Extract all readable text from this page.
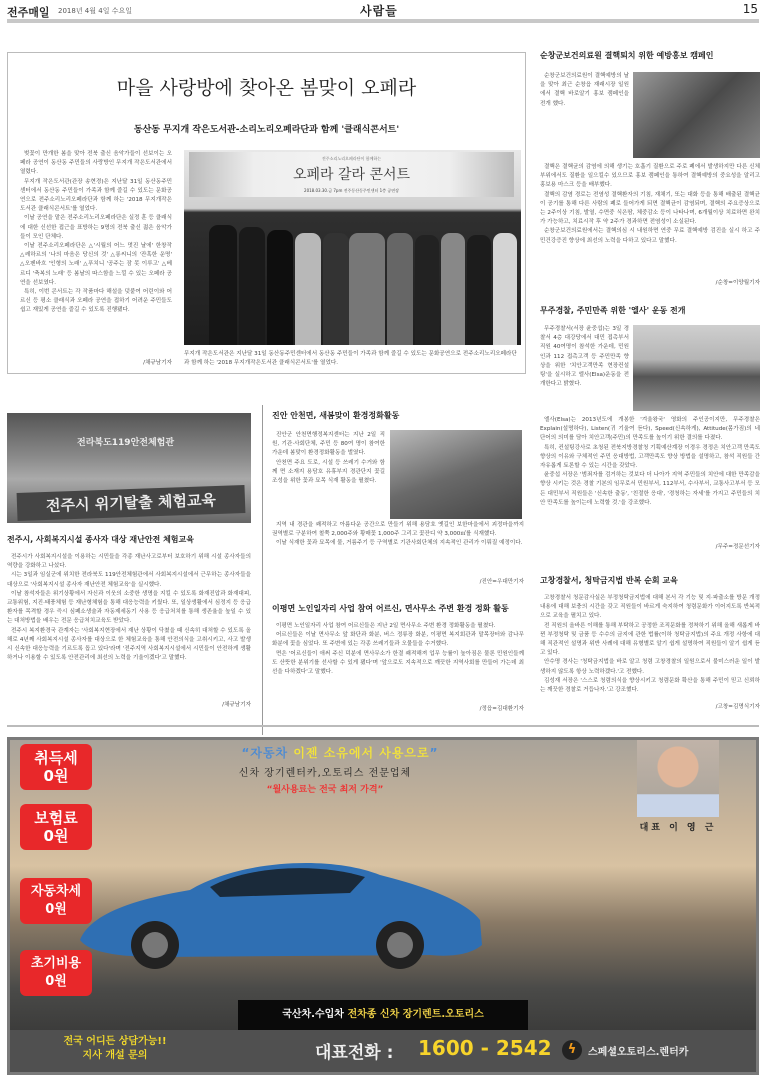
전주매일 2018년 4월 4일 수요일	사람들	15
마을 사랑방에 찾아온 봄맞이 오페라
동산동 무지개 작은도서관-소리노리오페라단과 함께 '클래식콘서트'

벚꽃이 만개한 봄을 맞아 전북 출신 음악가들이 선보이는 오페라 공연이 동산동 주민들의 사랑방인 무지개 작은도서관에서 열렸다.

무지개 작은도서관(관장 송현경)은 지난달 31일 동산동주민센터에서 동산동 주민들이 가족과 함께 즐길 수 있도는 문화공연으로 전주소리노리오페라단과 함께 하는 '2018 무지개작은도서관 클래식콘서트'를 열었다.

이날 공연을 맡은 전주소리노리오페라단은 실정 훈 등 클래식에 대한 신선한 접근을 표방하는 9명의 전북 출신 젊은 음악가들이 모인 단체다.

이날 전주소리오페라단은 △'시월의 어느 멋진 날에' 한창작 △레하르의 '나의 마음은 당신의 것' △롱씨니의 '잔혹한 운명' △오펜바흐 '인형의 노래' △푸치니 '공주는 잠 못 이루고' △베르디 '축복의 노래' 등 봄날의 따스함을 느낄 수 있는 오페라 공연을 선보였다.

특히, 이번 콘서트는 각 작품마다 해설을 덧붙여 어린이와 어르신 등 평소 클래식과 오페라 공연을 접하기 어려운 주민들도 쉽고 재밌게 공연을 즐길 수 있도록 진행됐다.

/채규남기자
전주소리노리오페라단이 함께하는
오페라 갈라 콘서트
2018.03.30.금 7pm 전주동산동주민센터 1층 공연장
무지개 작은도서관은 지난달 31일 동산동주민센터에서 동산동 주민들이 가족과 함께 즐길 수 있도는 문화공연으로 전주소리노리오페라단과 함께 하는 '2018 무지개작은도서관 클래식콘서트'를 열었다.
순창군보건의료원 결핵퇴치 위한 예방홍보 캠페인

순창군보건의료원이 결핵예방의 날을 맞아 최근 순창읍 재래시장 일원에서 결핵 바로알기 홍보 캠페인을 전개 했다.

결핵은 결핵균의 감염에 의해 생기는 호흡기 질환으로 주로 폐에서 발생하지만 다른 신체부위에서도 질환을 일으킬수 있으므로 홍보 캠페인을 통하여 결핵예방의 중요성을 알리고 홍보용 마스크 등을 배부했다.

결핵의 감염 경로는 전염성 결핵환자의 기침, 재채기, 또는 대화 등을 통해 배출된 결핵균이 공기를 통해 다른 사람의 폐로 들어가게 되면 결핵균이 감염되며, 결핵의 주요증상으로는 2주이상 기침, 발열, 수면중 식은땀, 체중감소 등이 나타나며, 6개월이상 치료하면 완치가 가능하고, 치료시작 후 약 2주가 경과하면 전염성이 소실된다.

순창군보건의료원에서는 결핵의심 시 내원하면 연중 무료 결핵예방 검진을 실시 하고 주민건강증진 향상에 최선의 노력을 다하고 있다고 말했다.

/순창=이양월기자
무주경찰, 주민만족 위한 '엘사' 운동 전개

무주경찰서(서장 윤중섭)는 3일 경찰서 4층 대강당에서 대민 접촉부서 직원 40여명이 참석한 가운데, 민원인과 112 접촉고객 등 주민만족 향상을 위한 '치안고객만족 현장컨설팅'을 실시하고 엘사(Elsa)운동을 전개한다고 밝혔다.

엘사(Elsa)는 2013년도에 개봉한 '겨울왕국' 영화의 주인공이지만, 무주경찰은 Explain(설명하다), Listen(귀 기울여 듣다), Speed(신속하게), Attitude(몸가짐)의 네 단어의 의미를 담아 치안고객(주민)의 만족도를 높이기 위한 결의를 다졌다.

특히, 컨설팅강사로 초청된 전북지방경찰청 기획예산계장 이경우 경정은 치안고객 만족도 향상의 이유와 구체적인 주민 응대방법, 고객만족도 향상 방법을 설명하고, 참석 직원들 간 자유롭게 토론할 수 있는 시간을 갖았다.

윤중섭 서장은 '범죄자를 검거하는 것보다 더 나아가 지역 주민들의 치안에 대한 만족감을 향상 시키는 것은 경찰 기본의 임무로서 민원부서, 112부서, 수사부서, 교통사고부서 등 모든 대민부서 직원들은 '신속한 출동', '친절한 응대', '경청하는 자세'를 가지고 주민들의 치안 만족도를 높이는데 노력할 것.'을 강조했다.

/무주=정문선기자
고창경찰서, 청탁금지법 반복 순회 교육

고창경찰서 청문감사실은 부정청탁금지법에 대해 본서 각 기능 및 지·파출소를 방문 개정 내용에 대해 보충의 시간을 갖고 직원들이 바르게 숙지하여 청렴문화가 이어지도록 반복적으로 교육을 펼치고 있다.

전 직원의 올바른 이해를 통해 부탁하고 공정한 조직문화를 정착하기 위해 올해 새롭게 바뀐 부정청탁 및 금품 등 수수의 금지에 관한 법률(이하 청탁금지법)의 주요 개정 사항에 대해 직관적인 설명과 위반 사례에 대해 유형별로 알기 쉽게 설명하여 직원들이 알기 쉽게 듣고 있다.

안수명 경사는 '청탁금지법을 바로 알고 청렴 고창경찰의 일원으로서 불미스러운 일이 발생하지 않도록 항상 노력하겠다.'고 전했다.

김성재 서장은 '스스로 청렴의식을 향상시키고 청렴문화 확산을 통해 주민이 믿고 신뢰하는 깨끗한 경찰로 거듭나자.'고 강조했다.

/고창=김명식기자
전라북도119안전체험관
전주시 위기탈출 체험교육
전주시, 사회복지시설 종사자 대상 재난안전 체험교육

전주시가 사회복지시설을 이용하는 시민들을 각종 재난사고로부터 보호하기 위해 시설 종사자들의 역량을 강화하고 나섰다.

시는 3일과 임실군에 위치한 전라북도 119안전체험관에서 사회복지시설에서 근무하는 종사자들을 대상으로 '사회복지시설 종사자 재난안전 체험교육'을 실시했다.

이날 참석자들은 위기상황에서 자신과 이웃의 소중한 생명을 지킬 수 있도록 화재진압과 화재대피, 교통위험, 지진·태풍체험 등 재난형체험을 통해 대응능력을 키웠다. 또, 일상생활에서 심정지 등 응급환자를 목격할 경우 즉시 심폐소생술과 자동제세동기 사용 등 응급처치를 통해 생존율을 높일 수 있는 대처방법을 배우는 전문 응급처치교육도 받았다.

전주시 복지환경국 관계자는 '사회복지현장에서 재난 상황이 닥쳤을 때 신속히 대처할 수 있도록 올해로 4년째 사회복지시설 종사자를 대상으로 한 체험교육을 통해 안전의식을 고취시키고, 사고 발생시 신속한 대응능력을 기르도록 돕고 있다'라며 '전주지역 사회복지시설에서 시민들이 안전하게 생활하거나 이용할 수 있도록 안전관리에 최선의 노력을 기울이겠다'고 말했다.

/채규남기자
진안 안천면, 새봄맞이 환경정화활동

진안군 안천면행정복지센터는 지난 2일 직원, 기관·사회단체, 주민 등 80여 명이 참여한 가운데 봄맞이 환경정화활동을 벌였다.

안천면 주요 도로, 시설 등 쓰레기 수거와 함께 면 소재지 용담호 유휴부지 경관단지 꽃길 조성을 위한 꽃과 묘목 식재 활동을 펼쳤다.

지역 내 경관을 쾌적하고 아름다운 공간으로 만들기 위해 용담호 옛길인 보한마을에서 괴정마을까지 권역별로 구분하여 철쭉 2,000주와 황매꽃 1,000주 그리고 꽃잔디 약 3,000㎡를 식재했다.

이날 식재한 꽃과 묘목에 물, 거름주기 등 구역별로 기관사회단체의 지속적인 관리가 이뤄질 예정이다.

/진안=우대만기자
이평면 노인일자리 사업 참여 어르신, 면사무소 주변 환경 정화 활동

이평면 노인일자리 사업 참여 어르신들은 지난 2일 면사무소 주변 환경 정화활동을 펼쳤다.

어르신들은 이날 면사무소 앞 화단과 화분, 버스 정류장 화분, 이평면 복지회관과 말목장터와 감나무 화분에 꽃을 심었다. 또 주변에 있는 각종 쓰레기들과 오물들을 수거했다.

면은 '어르신들이 애써 주신 덕분에 면사무소가 한결 쾌적해져 업무 능률이 높아짐은 물론 민원인들께도 산뜻한 분위기를 선사할 수 있게 됐다'며 '앞으로도 지속적으로 깨끗한 지역사회를 만들어 가는데 최선을 다하겠다'고 말했다.

/정읍=김대환기자
취득세
0원
보험료
0원
자동차세
0원
초기비용
0원
“자동차 이젠 소유에서 사용으로”
신차 장기렌터카,오토리스 전문업체
“월사용료는 전국 최저 가격”
대표 이 영 근
국산차.수입차 전차종 신차 장기렌트.오토리스
전국 어디든 상담가능!!
지사 개설 문의	대표전화 : 1600 - 2542	ϟ	스페셜오토리스.렌터카
